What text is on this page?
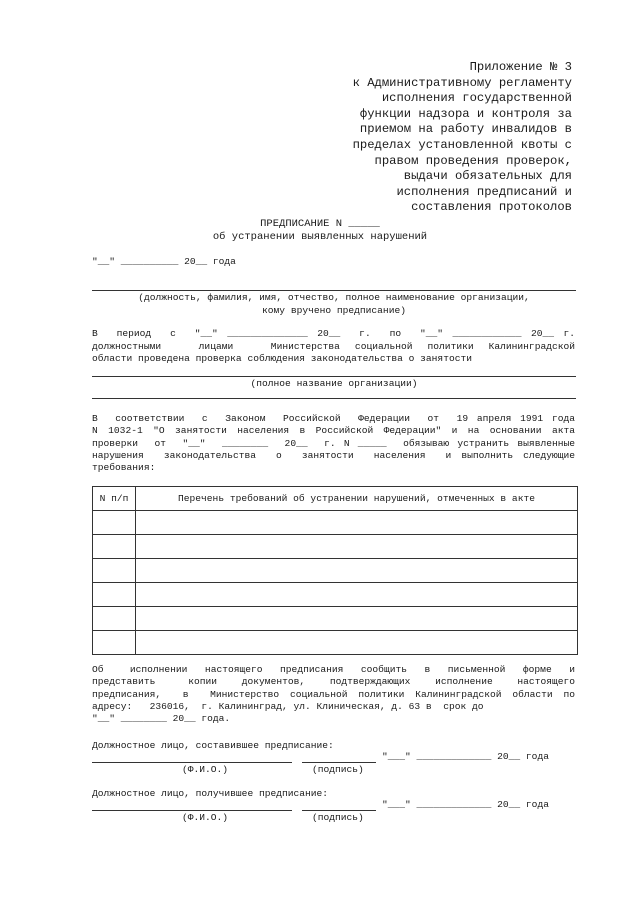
Приложение № 3
к Административному регламенту
исполнения государственной
функции надзора и контроля за
приемом на работу инвалидов в
пределах установленной квоты с
правом проведения проверок,
выдачи обязательных для
исполнения предписаний и
составления протоколов
ПРЕДПИСАНИЕ N _____
об устранении выявленных нарушений
"__" __________ 20__ года
(должность, фамилия, имя, отчество, полное наименование организации,
кому вручено предписание)
В  период  с  "__" ______________ 20__  г.  по  "__" ____________ 20__ г.
должностными     лицами     Министерства  социальной  политики  Калининградской
области проведена проверка соблюдения законодательства о занятости
(полное название организации)
В  соответствии  с  Законом  Российской  Федерации  от  19 апреля 1991 года
N 1032-1 "О занятости населения в Российской Федерации" и на основании акта
проверки  от  "__"  ________  20__  г. N _____  обязываю устранить выявленные
нарушения  законодательства  о  занятости  населения  и выполнить следующие
требования:
N п/п	Перечень требований об устранении нарушений, отмеченных в акте

Об   исполнении  настоящего  предписания  сообщить  в  письменной  форме  и
представить    копии   документов,   подтверждающих   исполнение   настоящего
предписания,  в  Министерство социальной политики Калининградской области по
адресу:   236016,  г. Калининград, ул. Клиническая, д. 63 в  срок до
"__" ________ 20__ года.
Должностное лицо, составившее предписание:
"___" _____________ 20__ года
(Ф.И.О.)	(подпись)
Должностное лицо, получившее предписание:
"___" _____________ 20__ года
(Ф.И.О.)	(подпись)
